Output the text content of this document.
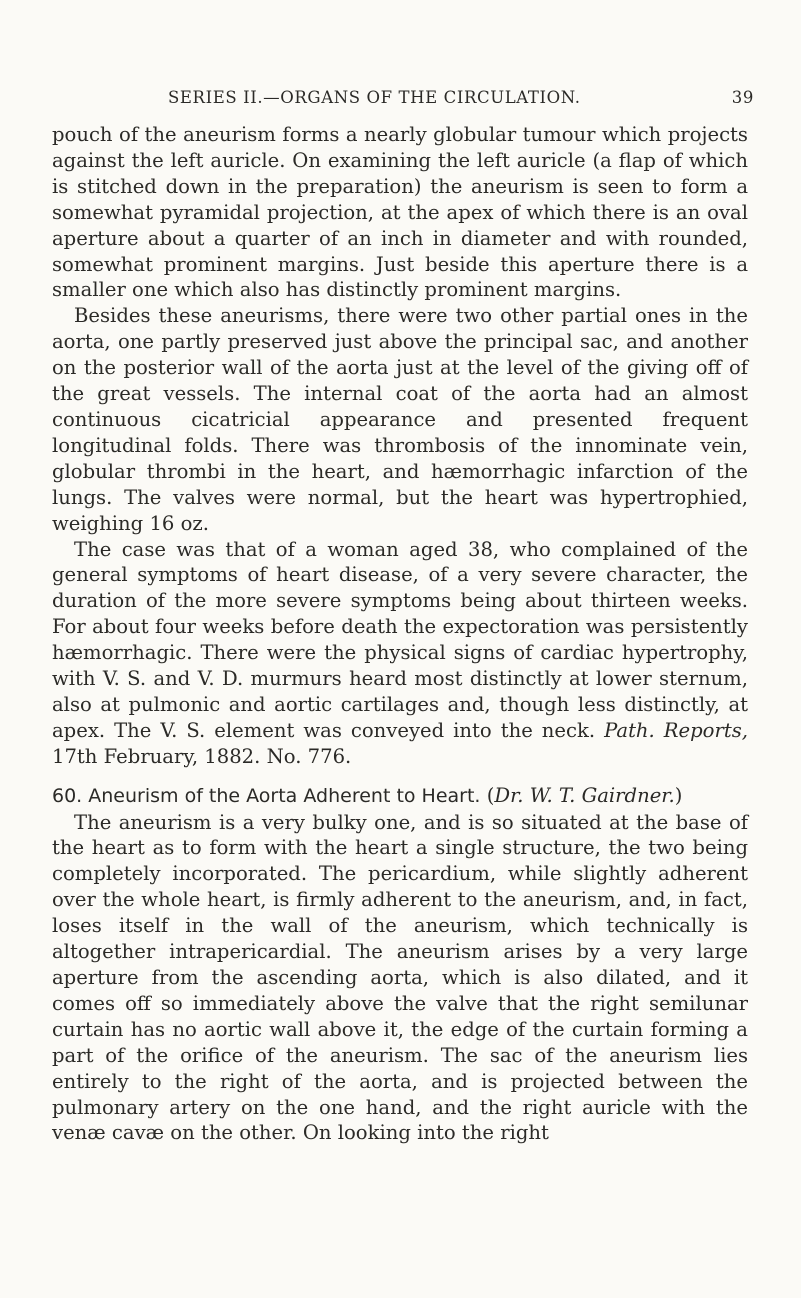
SERIES II.—ORGANS OF THE CIRCULATION.	39

pouch of the aneurism forms a nearly globular tumour which projects against the left auricle. On examining the left auricle (a flap of which is stitched down in the preparation) the aneurism is seen to form a somewhat pyramidal projection, at the apex of which there is an oval aperture about a quarter of an inch in diameter and with rounded, somewhat prominent margins. Just beside this aperture there is a smaller one which also has distinctly prominent margins.

Besides these aneurisms, there were two other partial ones in the aorta, one partly preserved just above the principal sac, and another on the posterior wall of the aorta just at the level of the giving off of the great vessels. The internal coat of the aorta had an almost continuous cicatricial appearance and presented frequent longitudinal folds. There was thrombosis of the innominate vein, globular thrombi in the heart, and hæmorrhagic infarction of the lungs. The valves were normal, but the heart was hypertrophied, weighing 16 oz.

The case was that of a woman aged 38, who complained of the general symptoms of heart disease, of a very severe character, the duration of the more severe symptoms being about thirteen weeks. For about four weeks before death the expectoration was persistently hæmorrhagic. There were the physical signs of cardiac hypertrophy, with V. S. and V. D. murmurs heard most distinctly at lower sternum, also at pulmonic and aortic cartilages and, though less distinctly, at apex. The V. S. element was conveyed into the neck. Path. Reports, 17th February, 1882. No. 776.

60. Aneurism of the Aorta Adherent to Heart. (Dr. W. T. Gairdner.)

The aneurism is a very bulky one, and is so situated at the base of the heart as to form with the heart a single structure, the two being completely incorporated. The pericardium, while slightly adherent over the whole heart, is firmly adherent to the aneurism, and, in fact, loses itself in the wall of the aneurism, which technically is altogether intrapericardial. The aneurism arises by a very large aperture from the ascending aorta, which is also dilated, and it comes off so immediately above the valve that the right semilunar curtain has no aortic wall above it, the edge of the curtain forming a part of the orifice of the aneurism. The sac of the aneurism lies entirely to the right of the aorta, and is projected between the pulmonary artery on the one hand, and the right auricle with the venæ cavæ on the other. On looking into the right
